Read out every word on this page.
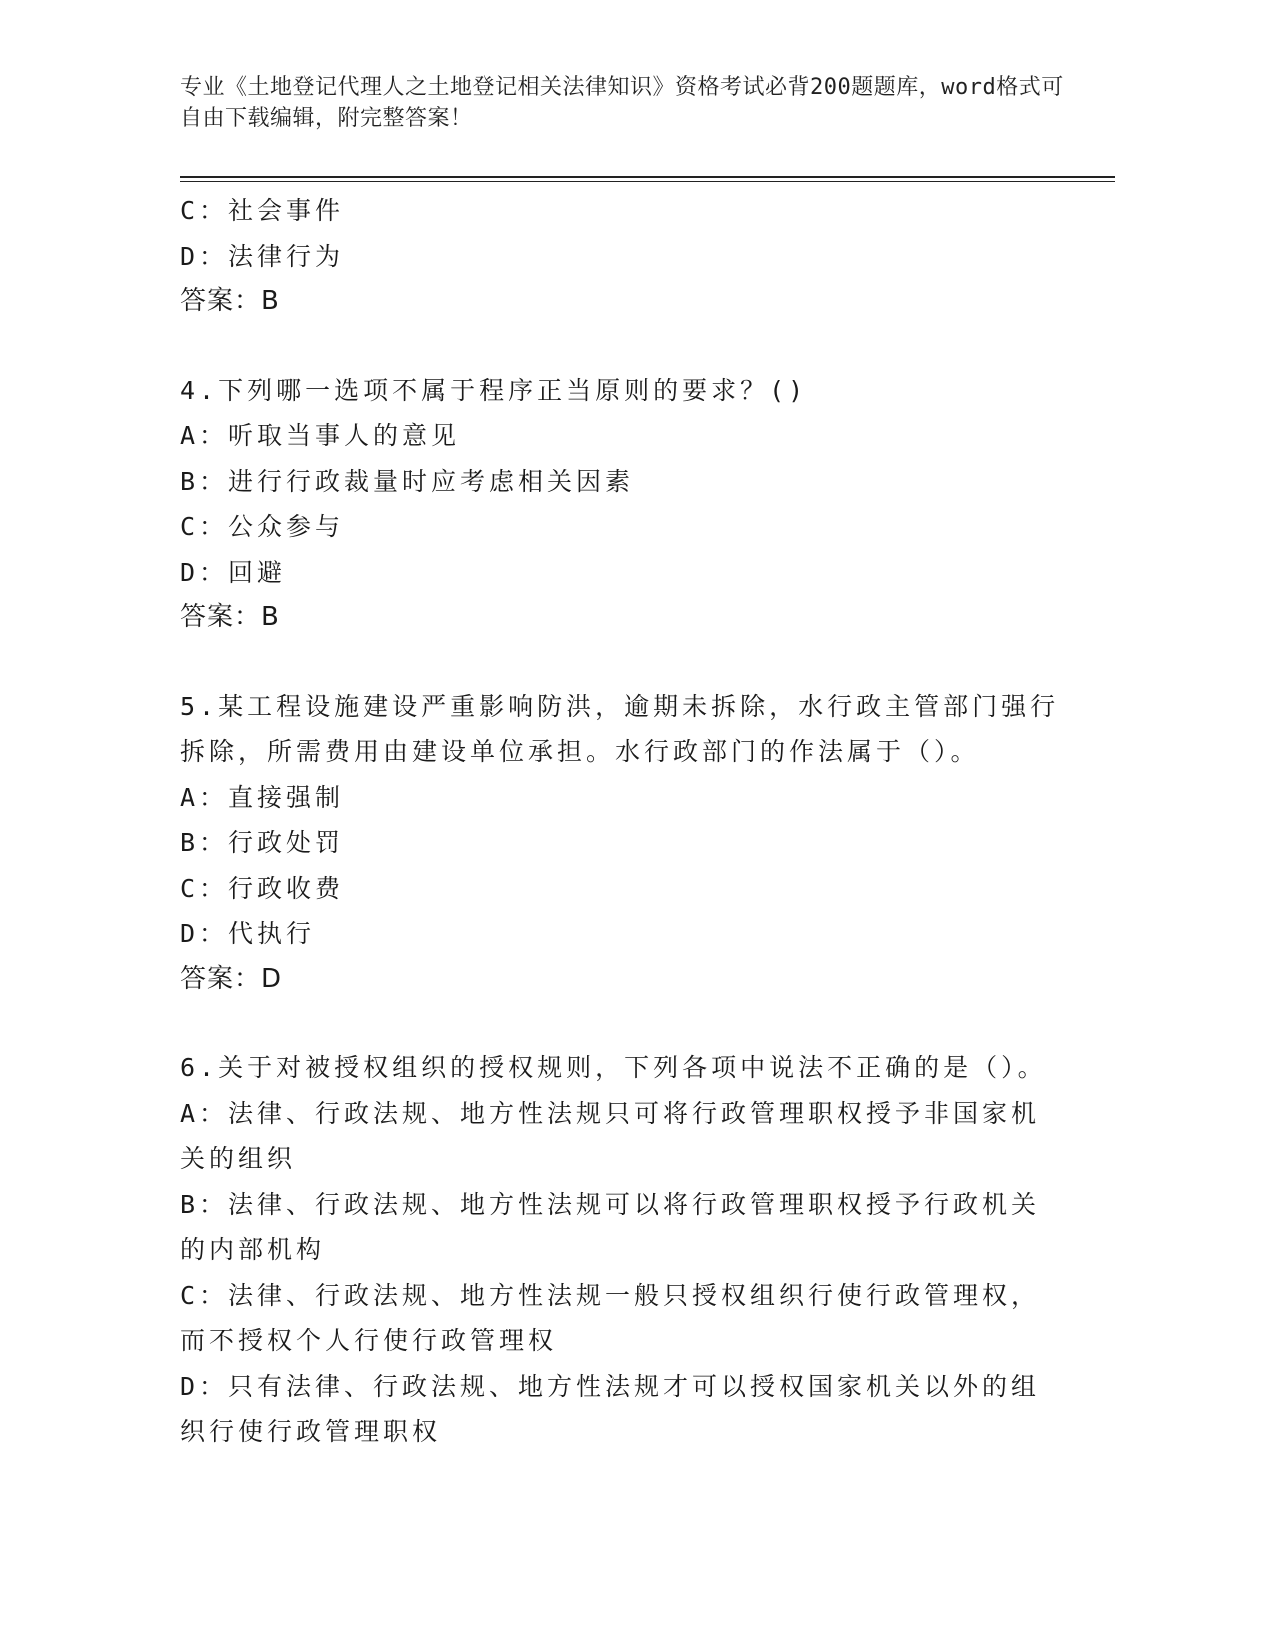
专业《土地登记代理人之土地登记相关法律知识》资格考试必背200题题库，word格式可自由下载编辑，附完整答案！
C：社会事件
D：法律行为
答案：B
4.下列哪一选项不属于程序正当原则的要求？()
A：听取当事人的意见
B：进行行政裁量时应考虑相关因素
C：公众参与
D：回避
答案：B
5.某工程设施建设严重影响防洪，逾期未拆除，水行政主管部门强行拆除，所需费用由建设单位承担。水行政部门的作法属于（）。
A：直接强制
B：行政处罚
C：行政收费
D：代执行
答案：D
6.关于对被授权组织的授权规则，下列各项中说法不正确的是（）。
A：法律、行政法规、地方性法规只可将行政管理职权授予非国家机关的组织
B：法律、行政法规、地方性法规可以将行政管理职权授予行政机关的内部机构
C：法律、行政法规、地方性法规一般只授权组织行使行政管理权，而不授权个人行使行政管理权
D：只有法律、行政法规、地方性法规才可以授权国家机关以外的组织行使行政管理职权
